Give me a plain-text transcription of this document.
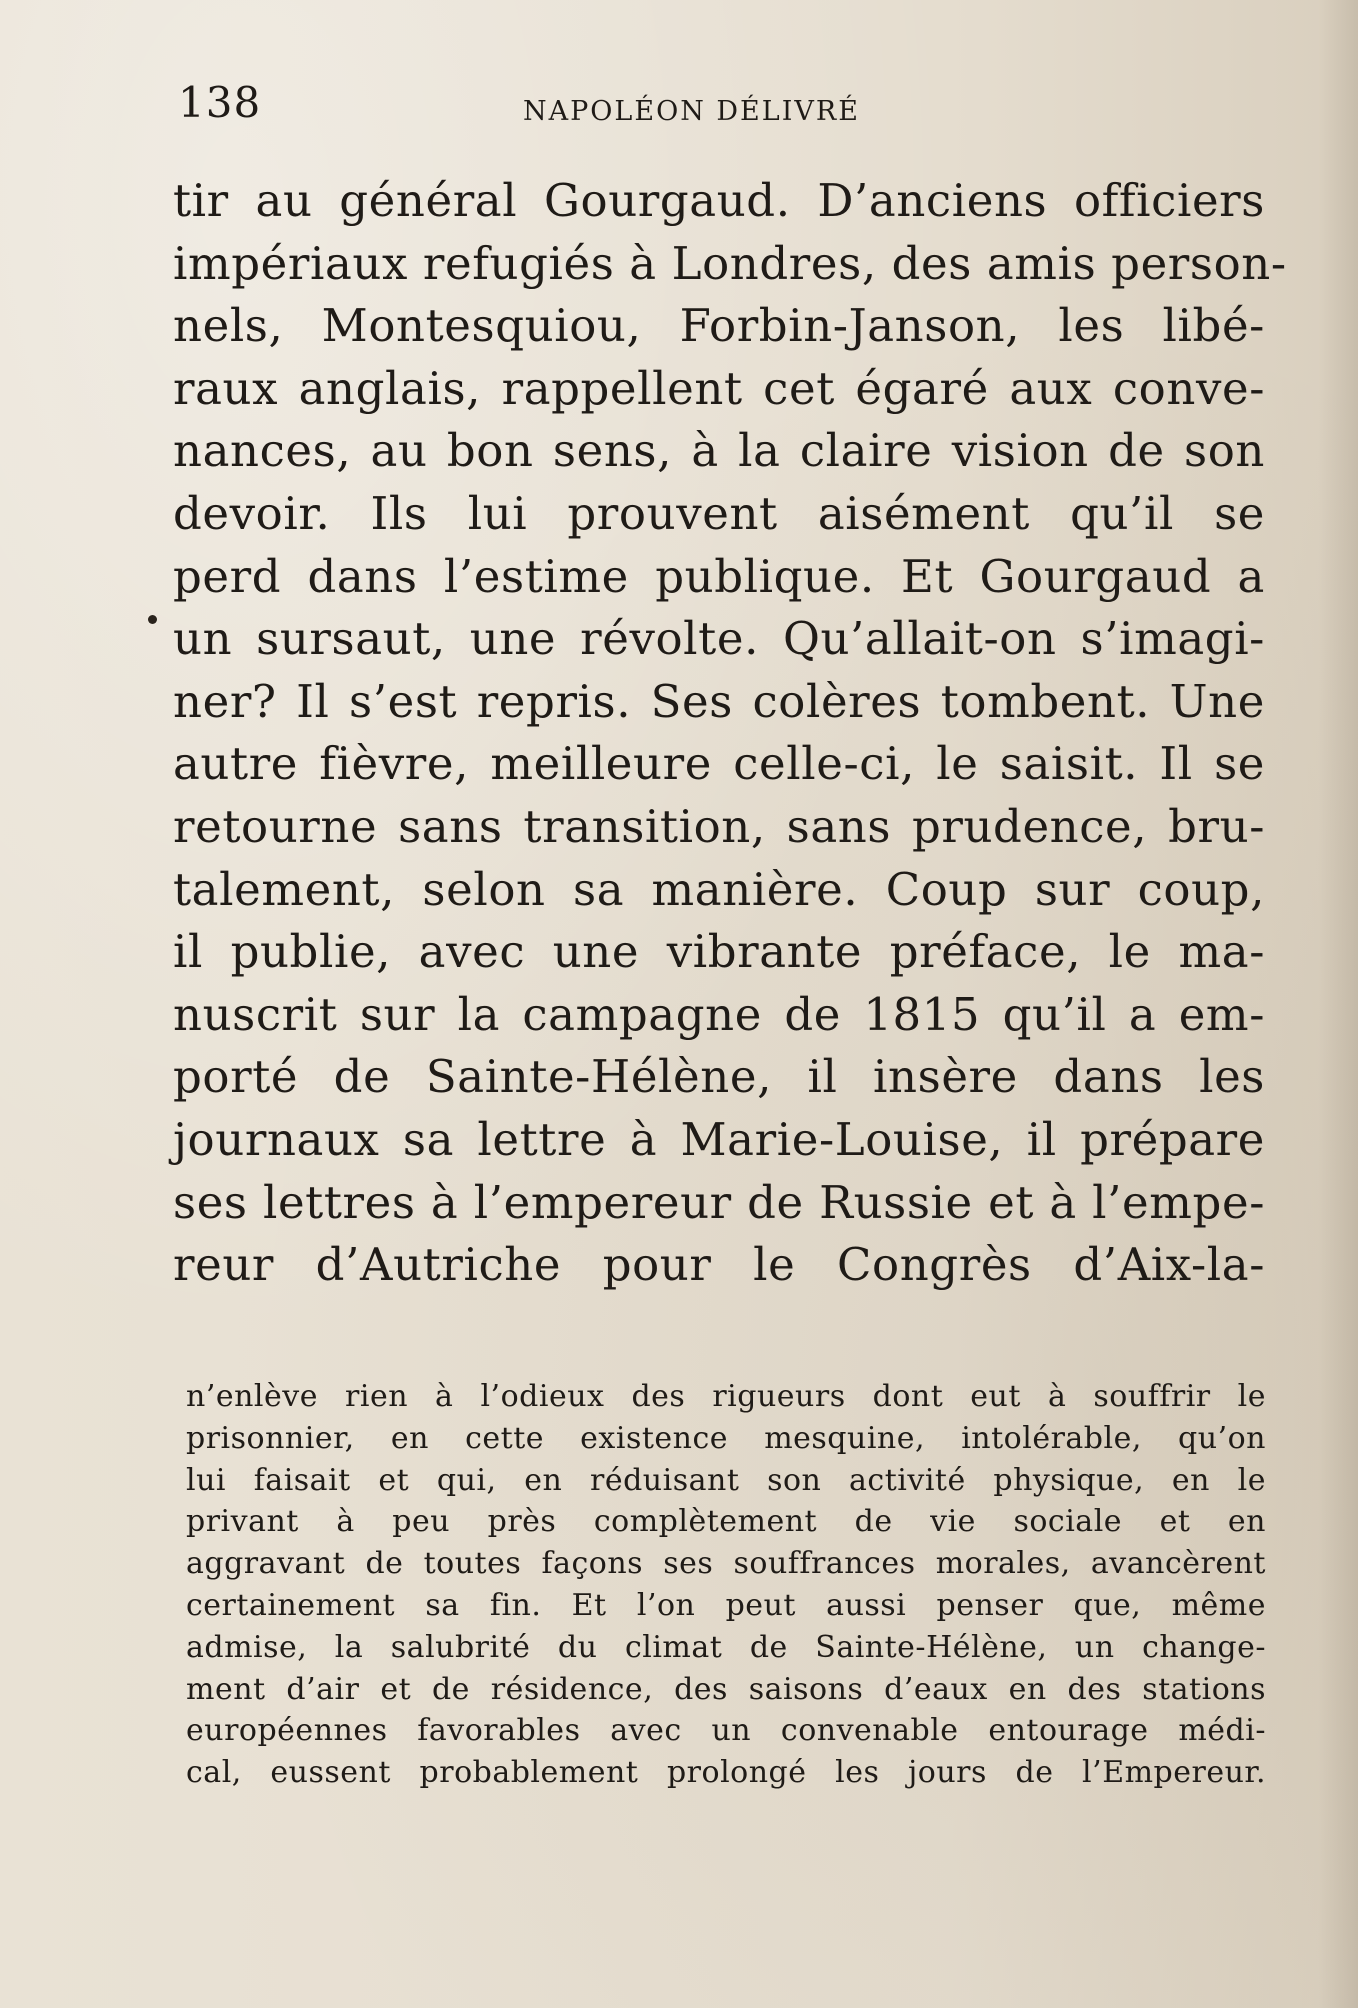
138	NAPOLÉON DÉLIVRÉ
tir au général Gourgaud. D’anciens officiers
impériaux refugiés à Londres, des amis person-
nels, Montesquiou, Forbin-Janson, les libé-
raux anglais, rappellent cet égaré aux conve-
nances, au bon sens, à la claire vision de son
devoir. Ils lui prouvent aisément qu’il se
perd dans l’estime publique. Et Gourgaud a
un sursaut, une révolte. Qu’allait-on s’imagi-
ner? Il s’est repris. Ses colères tombent. Une
autre fièvre, meilleure celle-ci, le saisit. Il se
retourne sans transition, sans prudence, bru-
talement, selon sa manière. Coup sur coup,
il publie, avec une vibrante préface, le ma-
nuscrit sur la campagne de 1815 qu’il a em-
porté de Sainte-Hélène, il insère dans les
journaux sa lettre à Marie-Louise, il prépare
ses lettres à l’empereur de Russie et à l’empe-
reur d’Autriche pour le Congrès d’Aix-la-
n’enlève rien à l’odieux des rigueurs dont eut à souffrir le
prisonnier, en cette existence mesquine, intolérable, qu’on
lui faisait et qui, en réduisant son activité physique, en le
privant à peu près complètement de vie sociale et en
aggravant de toutes façons ses souffrances morales, avancèrent
certainement sa fin. Et l’on peut aussi penser que, même
admise, la salubrité du climat de Sainte-Hélène, un change-
ment d’air et de résidence, des saisons d’eaux en des stations
européennes favorables avec un convenable entourage médi-
cal, eussent probablement prolongé les jours de l’Empereur.
